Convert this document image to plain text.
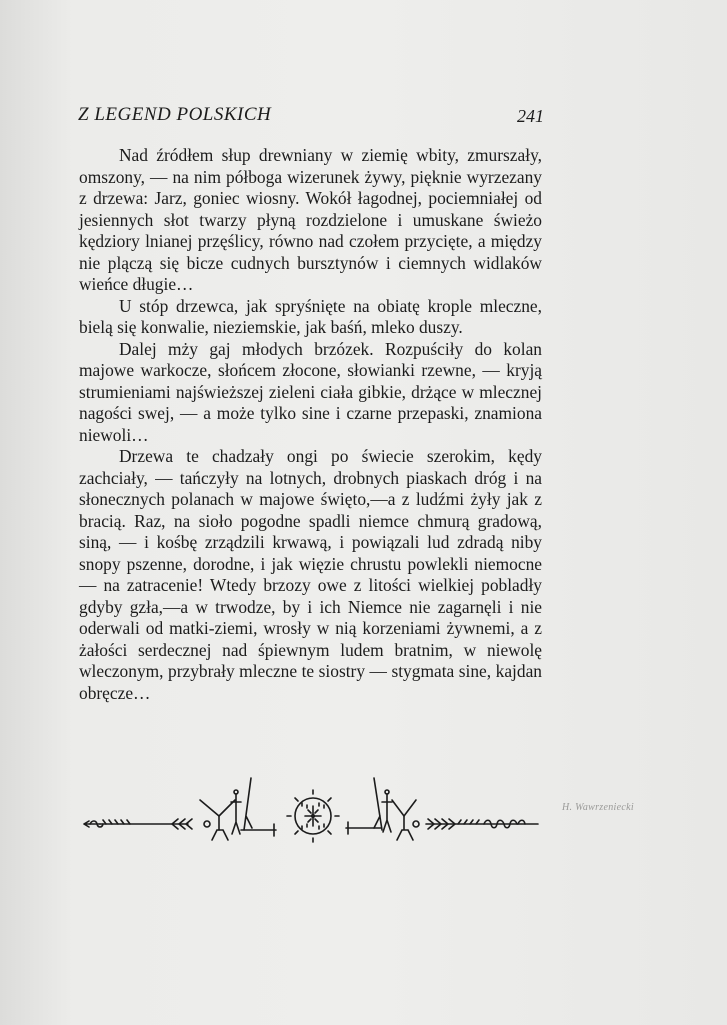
Z LEGEND POLSKICH	241

Nad źródłem słup drewniany w ziemię wbity, zmurszały, omszony, — na nim półboga wizerunek żywy, pięknie wyrzezany z drzewa: Jarz, goniec wiosny. Wokół łagodnej, pociemniałej od jesiennych słot twarzy płyną rozdzielone i umuskane świeżo kędziory lnianej przęślicy, równo nad czołem przycięte, a między nie plączą się bicze cudnych bursztynów i ciemnych widlaków wieńce długie…

U stóp drzewca, jak spryśnięte na obiatę krople mleczne, bielą się konwalie, nieziemskie, jak baśń, mleko duszy.

Dalej mży gaj młodych brzózek. Rozpuściły do kolan majowe warkocze, słońcem złocone, słowianki rzewne, — kryją strumieniami najświeższej zieleni ciała gibkie, drżące w mlecznej nagości swej, — a może tylko sine i czarne przepaski, znamiona niewoli…

Drzewa te chadzały ongi po świecie szerokim, kędy zachciały, — tańczyły na lotnych, drobnych piaskach dróg i na słonecznych polanach w majowe święto,—a z ludźmi żyły jak z bracią. Raz, na sioło pogodne spadli niemce chmurą gradową, siną, — i kośbę zrządzili krwawą, i powiązali lud zdradą niby snopy pszenne, dorodne, i jak więzie chrustu powlekli niemocne — na zatracenie! Wtedy brzozy owe z litości wielkiej pobladły gdyby gzła,—a w trwodze, by i ich Niemce nie zagarnęli i nie oderwali od matki-ziemi, wrosły w nią korzeniami żywnemi, a z żałości serdecznej nad śpiewnym ludem bratnim, w niewolę wleczonym, przybrały mleczne te siostry — stygmata sine, kajdan obręcze…

H. Wawrzeniecki
